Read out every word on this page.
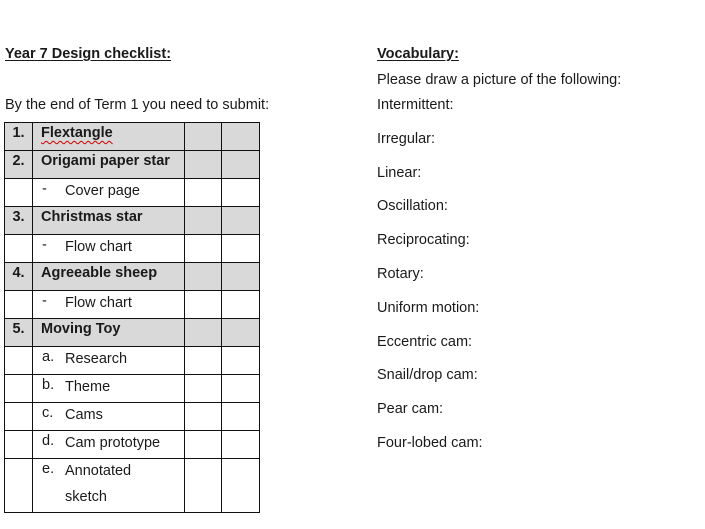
Year 7 Design checklist:
By the end of Term 1 you need to submit:
1.	Flextangle		

2.	Origami paper star		

	- Cover page		

3.	Christmas star		

	- Flow chart		

4.	Agreeable sheep		

	- Flow chart		

5.	Moving Toy		

	a. Research		

	b. Theme		

	c. Cams		

	d. Cam prototype		

	e. Annotated sketch		

Vocabulary:
Please draw a picture of the following:
Intermittent:
Irregular:
Linear:
Oscillation:
Reciprocating:
Rotary:
Uniform motion:
Eccentric cam:
Snail/drop cam:
Pear cam:
Four-lobed cam:
